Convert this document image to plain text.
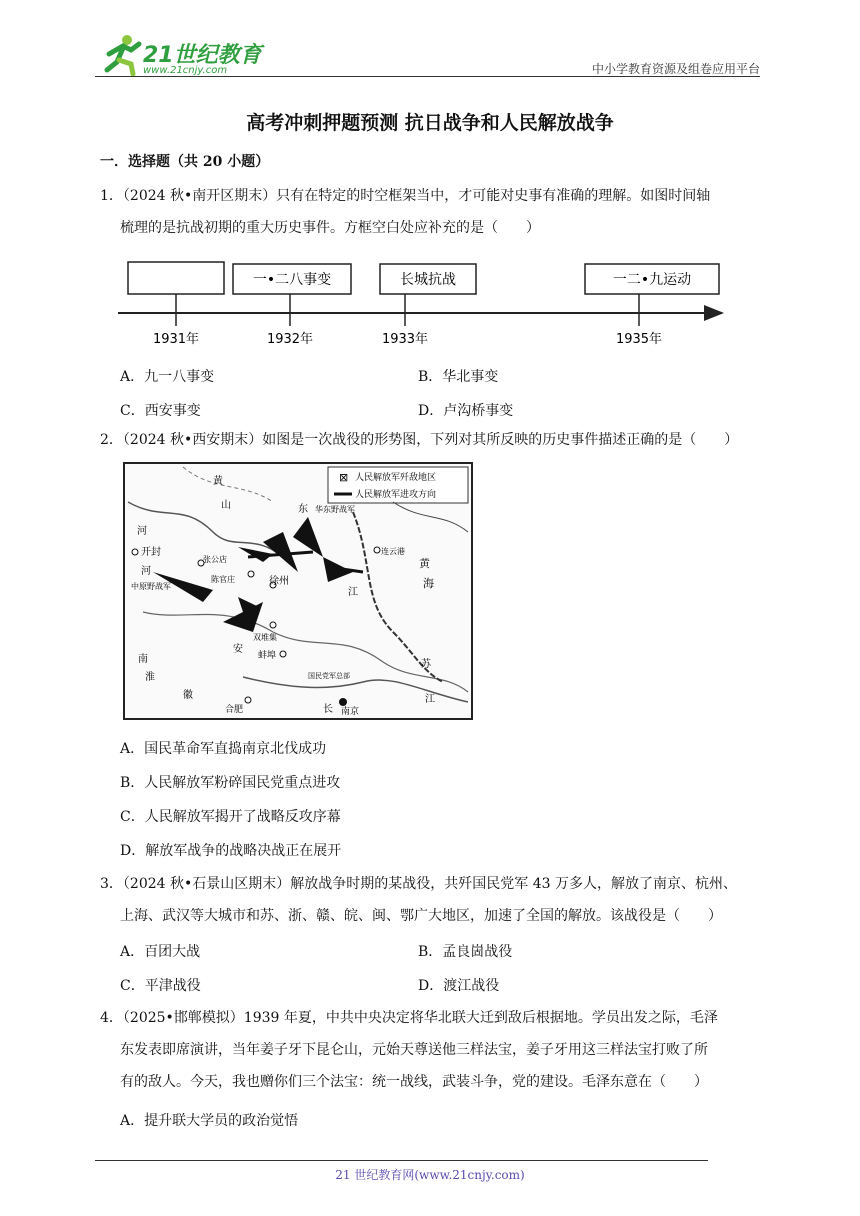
21世纪教育
www.21cnjy.com	中小学教育资源及组卷应用平台
高考冲刺押题预测 抗日战争和人民解放战争
一．选择题（共 20 小题）
1．（2024 秋•南开区期末）只有在特定的时空框架当中，才可能对史事有准确的理解。如图时间轴
梳理的是抗战初期的重大历史事件。方框空白处应补充的是（　　）
一•二八事变	长城抗战	一二•九运动
1931年	1932年	1933年	1935年
A．九一八事变	B．华北事变
C．西安事变	D．卢沟桥事变
2．（2024 秋•西安期末）如图是一次战役的形势图，下列对其所反映的历史事件描述正确的是（　　）
⊠ 人民解放军歼敌地区
人民解放军进攻方向
黄
山	东
河
开封
河
中原野战军
张公店
华东野战军
连云港
黄
海
徐州
陈官庄
双堆集
江
安
蚌埠
南
淮
苏
国民党军总部
徽
合肥	长 南京
江
A．国民革命军直捣南京北伐成功
B．人民解放军粉碎国民党重点进攻
C．人民解放军揭开了战略反攻序幕
D．解放军战争的战略决战正在展开
3．（2024 秋•石景山区期末）解放战争时期的某战役，共歼国民党军 43 万多人，解放了南京、杭州、
上海、武汉等大城市和苏、浙、赣、皖、闽、鄂广大地区，加速了全国的解放。该战役是（　　）
A．百团大战	B．孟良崮战役
C．平津战役	D．渡江战役
4．（2025•邯郸模拟）1939 年夏，中共中央决定将华北联大迁到敌后根据地。学员出发之际，毛泽
东发表即席演讲，当年姜子牙下昆仑山，元始天尊送他三样法宝，姜子牙用这三样法宝打败了所
有的敌人。今天，我也赠你们三个法宝：统一战线，武装斗争，党的建设。毛泽东意在（　　）
A．提升联大学员的政治觉悟
21 世纪教育网(www.21cnjy.com)
